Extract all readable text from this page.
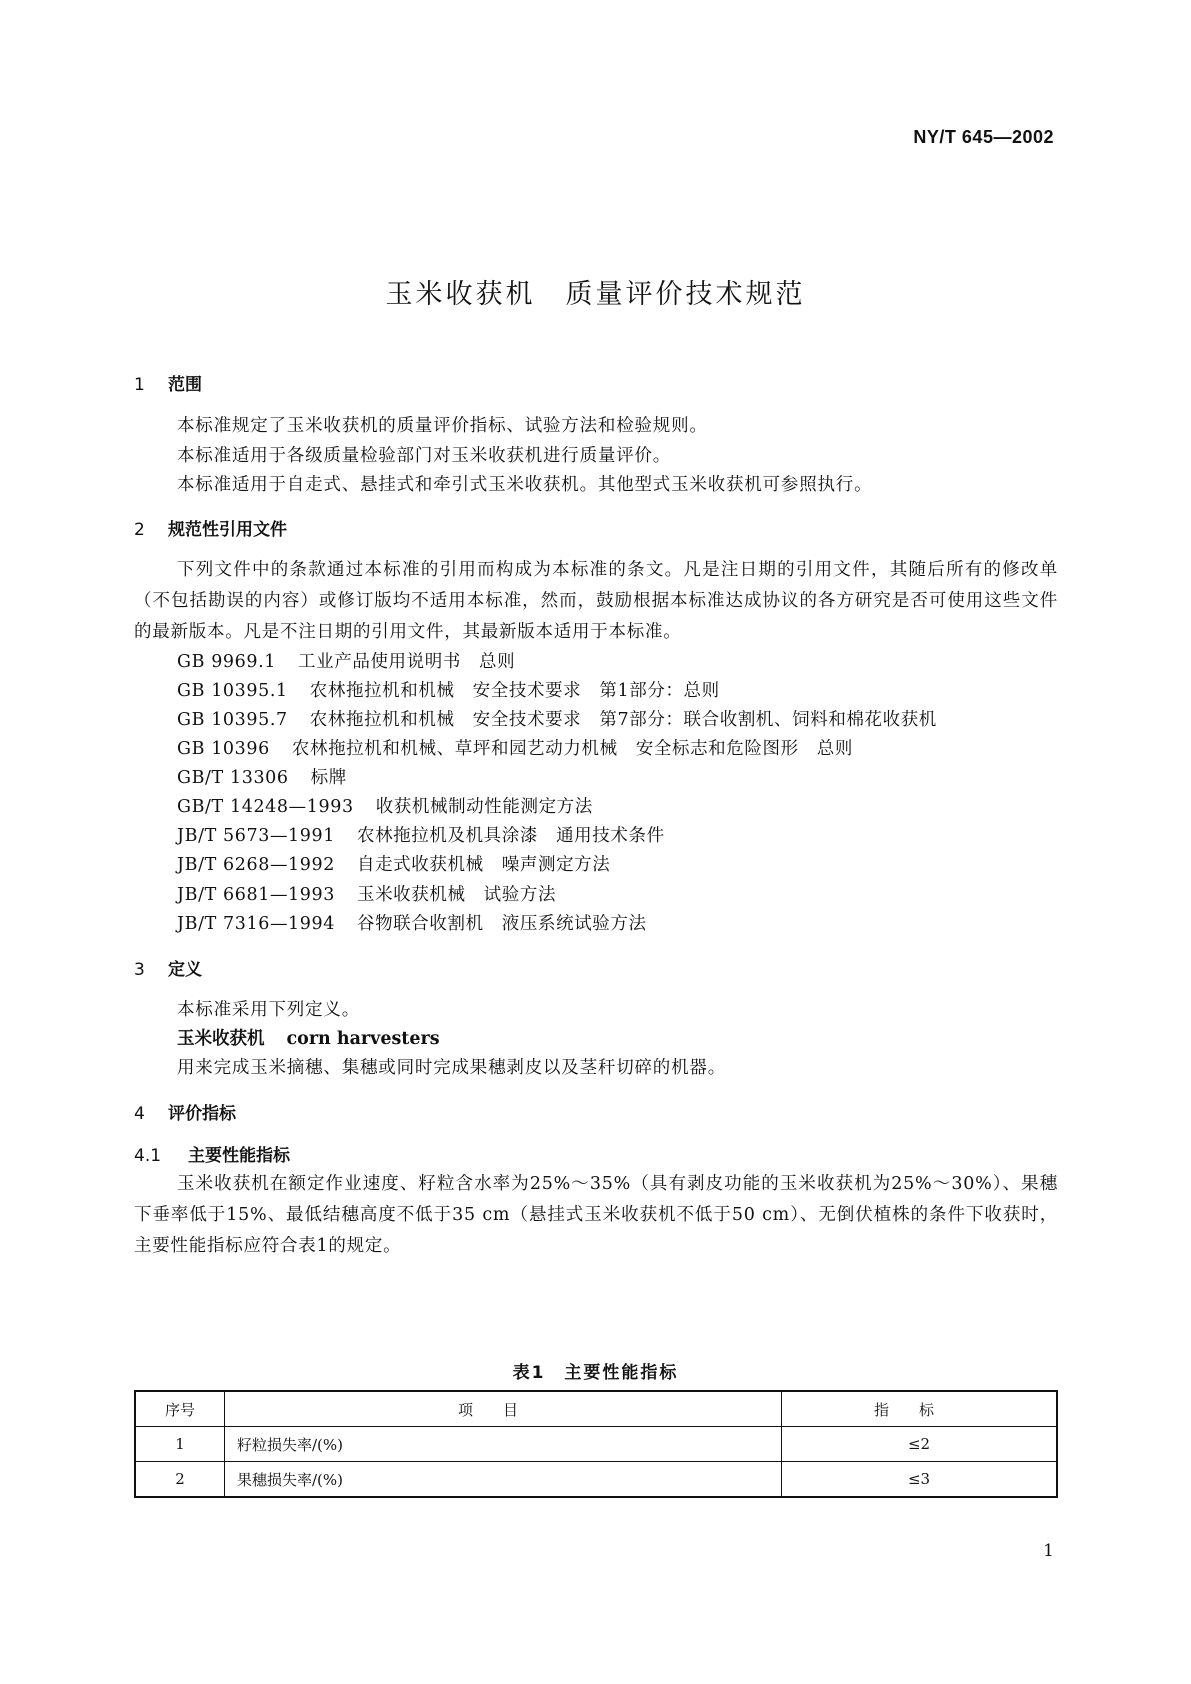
NY/T 645—2002
玉米收获机　质量评价技术规范
1 范围
本标准规定了玉米收获机的质量评价指标、试验方法和检验规则。
本标准适用于各级质量检验部门对玉米收获机进行质量评价。
本标准适用于自走式、悬挂式和牵引式玉米收获机。其他型式玉米收获机可参照执行。
2 规范性引用文件
下列文件中的条款通过本标准的引用而构成为本标准的条文。凡是注日期的引用文件，其随后所有的修改单（不包括勘误的内容）或修订版均不适用本标准，然而，鼓励根据本标准达成协议的各方研究是否可使用这些文件的最新版本。凡是不注日期的引用文件，其最新版本适用于本标准。
GB 9969.1 工业产品使用说明书　总则
GB 10395.1 农林拖拉机和机械　安全技术要求　第1部分：总则
GB 10395.7 农林拖拉机和机械　安全技术要求　第7部分：联合收割机、饲料和棉花收获机
GB 10396 农林拖拉机和机械、草坪和园艺动力机械　安全标志和危险图形　总则
GB/T 13306 标牌
GB/T 14248—1993 收获机械制动性能测定方法
JB/T 5673—1991 农林拖拉机及机具涂漆　通用技术条件
JB/T 6268—1992 自走式收获机械　噪声测定方法
JB/T 6681—1993 玉米收获机械　试验方法
JB/T 7316—1994 谷物联合收割机　液压系统试验方法
3 定义
本标准采用下列定义。
玉米收获机 corn harvesters
用来完成玉米摘穗、集穗或同时完成果穗剥皮以及茎秆切碎的机器。
4 评价指标
4.1 主要性能指标
玉米收获机在额定作业速度、籽粒含水率为25%～35%（具有剥皮功能的玉米收获机为25%～30%）、果穗下垂率低于15%、最低结穗高度不低于35 cm（悬挂式玉米收获机不低于50 cm）、无倒伏植株的条件下收获时，主要性能指标应符合表1的规定。
表1　主要性能指标
序号	项目	指标
1	籽粒损失率/(%)	≤2
2	果穗损失率/(%)	≤3
1
